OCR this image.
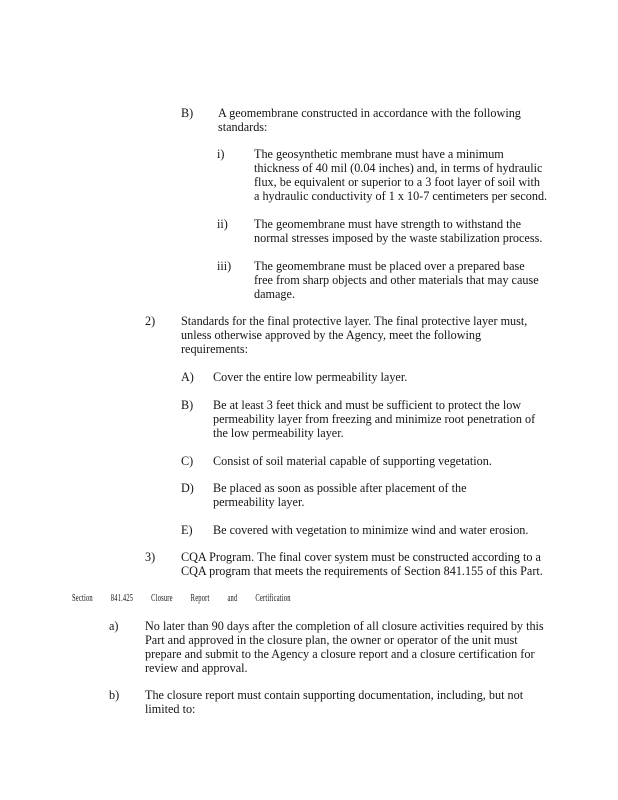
B) A geomembrane constructed in accordance with the following
standards:
i) The geosynthetic membrane must have a minimum
thickness of 40 mil (0.04 inches) and, in terms of hydraulic
flux, be equivalent or superior to a 3 foot layer of soil with
a hydraulic conductivity of 1 x 10-7 centimeters per second.
ii) The geomembrane must have strength to withstand the
normal stresses imposed by the waste stabilization process.
iii) The geomembrane must be placed over a prepared base
free from sharp objects and other materials that may cause
damage.
2) Standards for the final protective layer. The final protective layer must,
unless otherwise approved by the Agency, meet the following
requirements:
A) Cover the entire low permeability layer.
B) Be at least 3 feet thick and must be sufficient to protect the low
permeability layer from freezing and minimize root penetration of
the low permeability layer.
C) Consist of soil material capable of supporting vegetation.
D) Be placed as soon as possible after placement of the
permeability layer.
E) Be covered with vegetation to minimize wind and water erosion.
3) CQA Program. The final cover system must be constructed according to a
CQA program that meets the requirements of Section 841.155 of this Part.
Section 841.425 Closure Report and Certification
a) No later than 90 days after the completion of all closure activities required by this
Part and approved in the closure plan, the owner or operator of the unit must
prepare and submit to the Agency a closure report and a closure certification for
review and approval.
b) The closure report must contain supporting documentation, including, but not
limited to:
